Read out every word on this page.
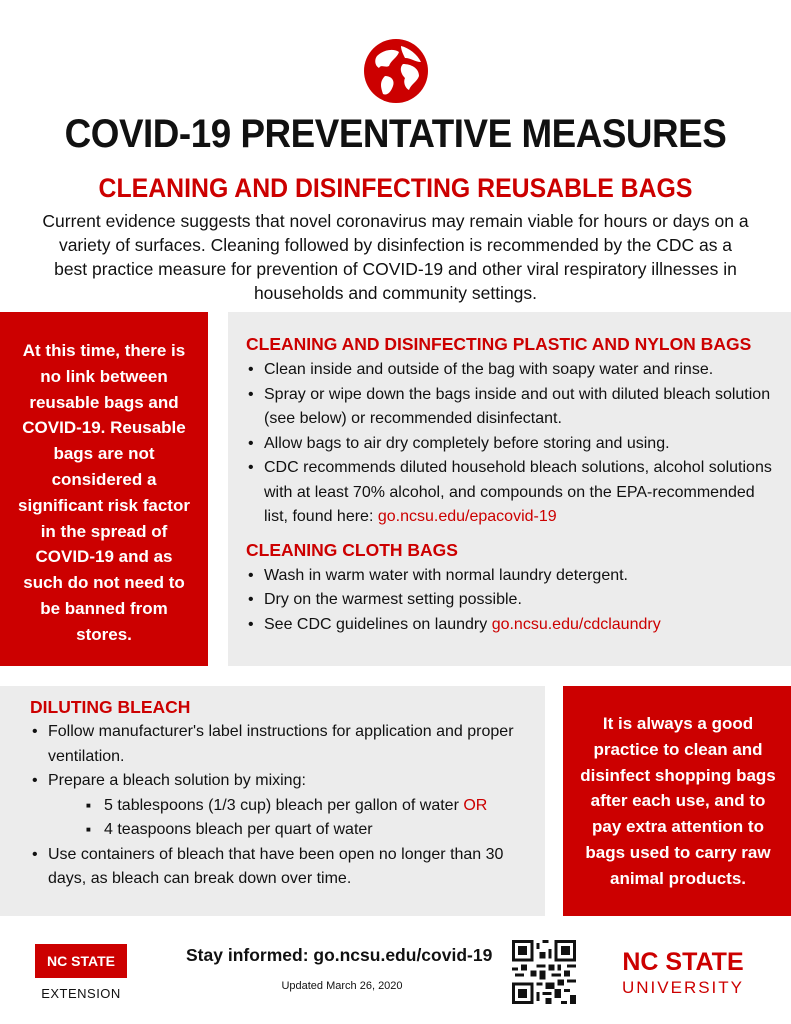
COVID-19 PREVENTATIVE MEASURES
CLEANING AND DISINFECTING REUSABLE BAGS
Current evidence suggests that novel coronavirus may remain viable for hours or days on a variety of surfaces. Cleaning followed by disinfection is recommended by the CDC as a best practice measure for prevention of COVID-19 and other viral respiratory illnesses in households and community settings.
At this time, there is no link between reusable bags and COVID-19. Reusable bags are not considered a significant risk factor in the spread of COVID-19 and as such do not need to be banned from stores.
CLEANING AND DISINFECTING PLASTIC AND NYLON BAGS
• Clean inside and outside of the bag with soapy water and rinse.
• Spray or wipe down the bags inside and out with diluted bleach solution (see below) or recommended disinfectant.
• Allow bags to air dry completely before storing and using.
• CDC recommends diluted household bleach solutions, alcohol solutions with at least 70% alcohol, and compounds on the EPA-recommended list, found here: go.ncsu.edu/epacovid-19
CLEANING CLOTH BAGS
• Wash in warm water with normal laundry detergent.
• Dry on the warmest setting possible.
• See CDC guidelines on laundry go.ncsu.edu/cdclaundry
DILUTING BLEACH
• Follow manufacturer's label instructions for application and proper ventilation.
• Prepare a bleach solution by mixing:
■ 5 tablespoons (1/3 cup) bleach per gallon of water OR
■ 4 teaspoons bleach per quart of water
• Use containers of bleach that have been open no longer than 30 days, as bleach can break down over time.
It is always a good practice to clean and disinfect shopping bags after each use, and to pay extra attention to bags used to carry raw animal products.
NC STATE
EXTENSION
Stay informed: go.ncsu.edu/covid-19
Updated March 26, 2020
NC STATE
UNIVERSITY
